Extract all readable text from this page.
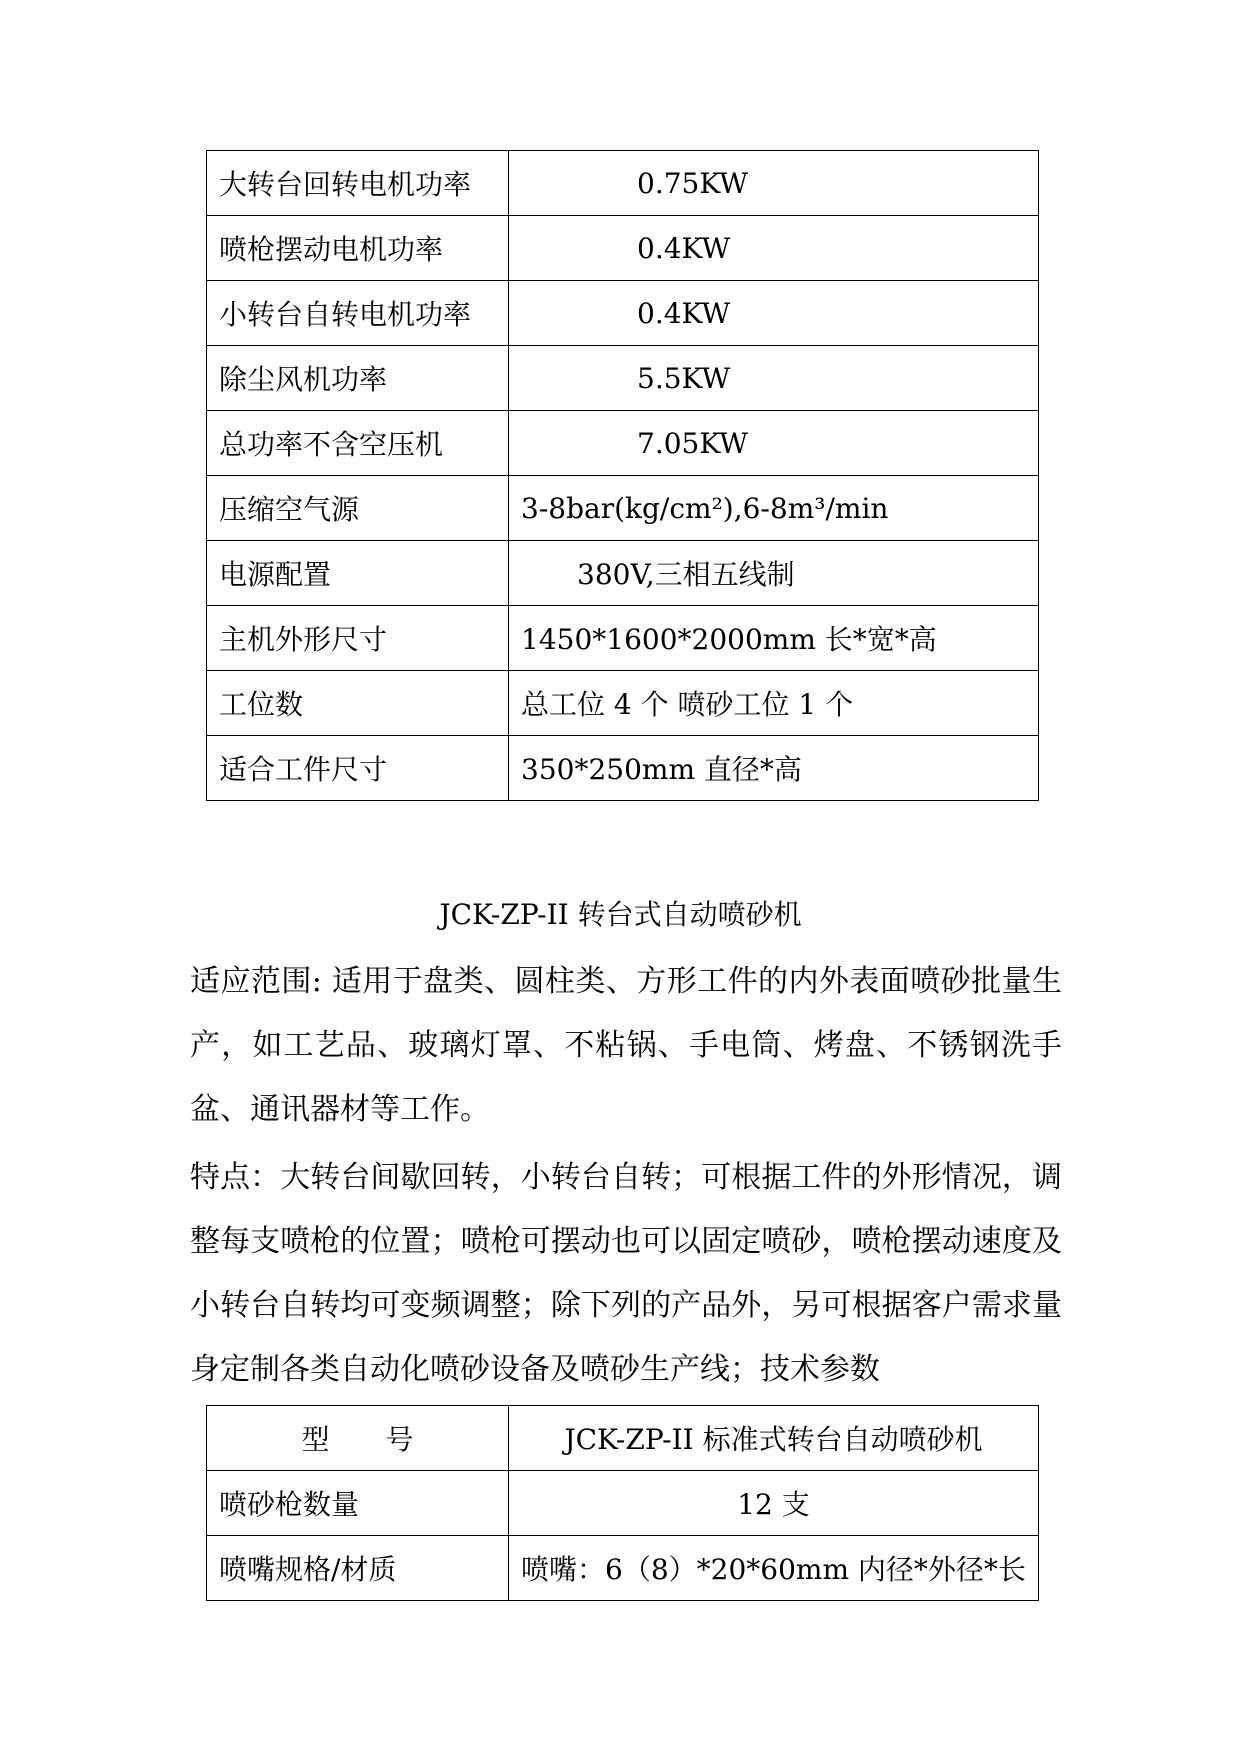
大转台回转电机功率	0.75KW
喷枪摆动电机功率	0.4KW
小转台自转电机功率	0.4KW
除尘风机功率	5.5KW
总功率不含空压机	7.05KW
压缩空气源	3-8bar(kg/cm²),6-8m³/min
电源配置	380V,三相五线制
主机外形尺寸	1450*1600*2000mm 长*宽*高
工位数	总工位 4 个 喷砂工位 1 个
适合工件尺寸	350*250mm 直径*高
JCK-ZP-II 转台式自动喷砂机
适应范围: 适用于盘类、圆柱类、方形工件的内外表面喷砂批量生产，如工艺品、玻璃灯罩、不粘锅、手电筒、烤盘、不锈钢洗手盆、通讯器材等工作。
特点：大转台间歇回转，小转台自转；可根据工件的外形情况，调整每支喷枪的位置；喷枪可摆动也可以固定喷砂，喷枪摆动速度及小转台自转均可变频调整；除下列的产品外，另可根据客户需求量身定制各类自动化喷砂设备及喷砂生产线；技术参数
型　　号	JCK-ZP-II 标准式转台自动喷砂机
喷砂枪数量	12 支
喷嘴规格/材质	喷嘴：6（8）*20*60mm 内径*外径*长
